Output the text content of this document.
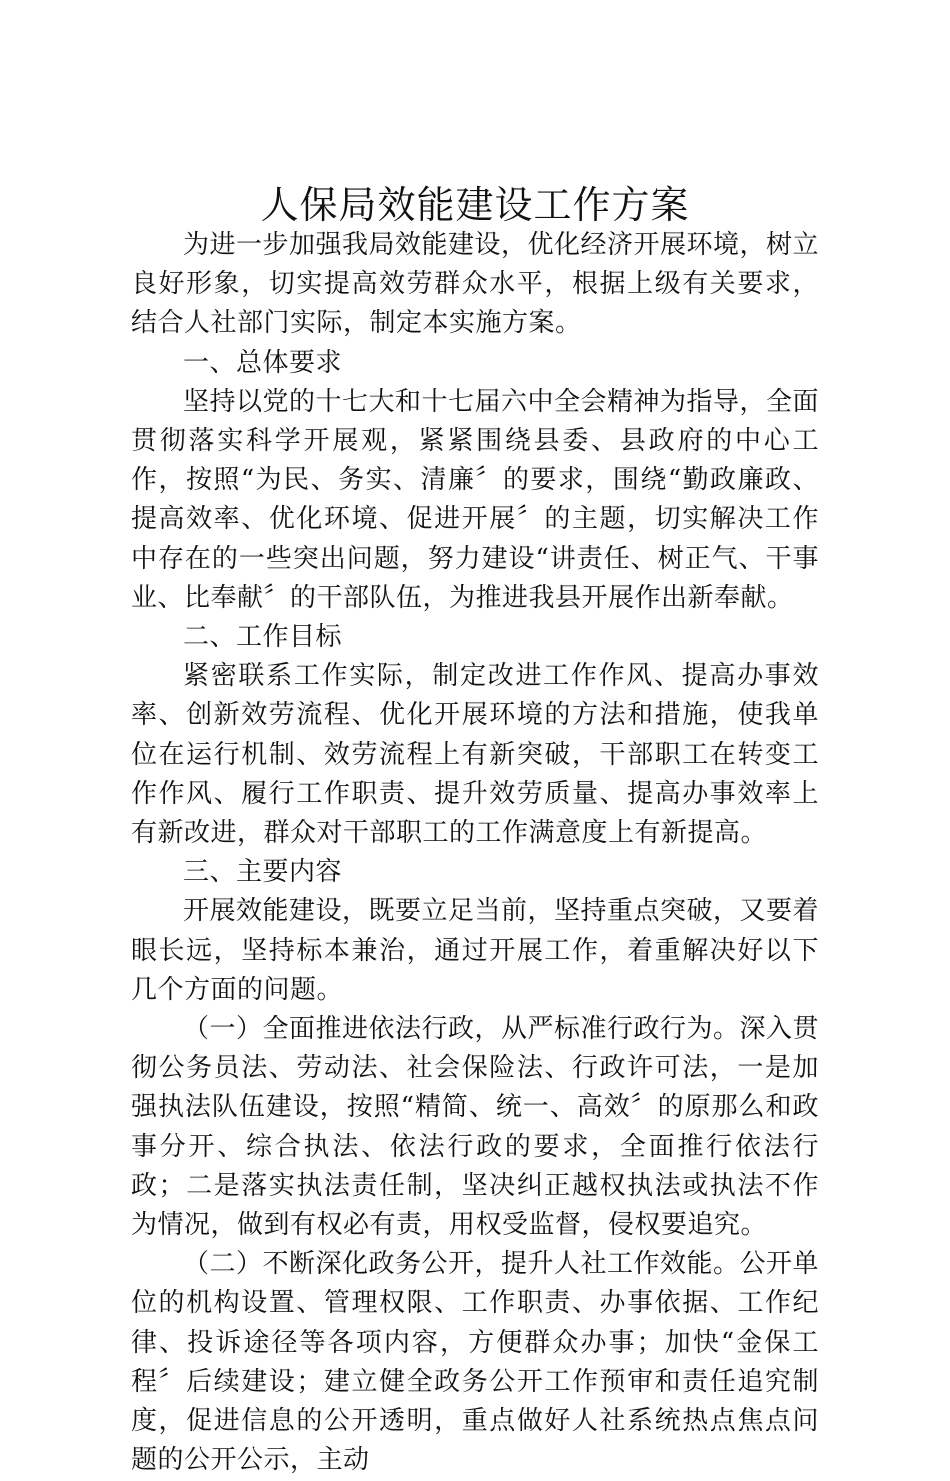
人保局效能建设工作方案

为进一步加强我局效能建设，优化经济开展环境，树立良好形象，切实提高效劳群众水平，根据上级有关要求，结合人社部门实际，制定本实施方案。

一、总体要求

坚持以党的十七大和十七届六中全会精神为指导，全面贯彻落实科学开展观，紧紧围绕县委、县政府的中心工作，按照“为民、务实、清廉〞的要求，围绕“勤政廉政、提高效率、优化环境、促进开展〞的主题，切实解决工作中存在的一些突出问题，努力建设“讲责任、树正气、干事业、比奉献〞的干部队伍，为推进我县开展作出新奉献。

二、工作目标

紧密联系工作实际，制定改进工作作风、提高办事效率、创新效劳流程、优化开展环境的方法和措施，使我单位在运行机制、效劳流程上有新突破，干部职工在转变工作作风、履行工作职责、提升效劳质量、提高办事效率上有新改进，群众对干部职工的工作满意度上有新提高。

三、主要内容

开展效能建设，既要立足当前，坚持重点突破，又要着眼长远，坚持标本兼治，通过开展工作，着重解决好以下几个方面的问题。

（一）全面推进依法行政，从严标准行政行为。深入贯彻公务员法、劳动法、社会保险法、行政许可法，一是加强执法队伍建设，按照“精简、统一、高效〞的原那么和政事分开、综合执法、依法行政的要求，全面推行依法行政；二是落实执法责任制，坚决纠正越权执法或执法不作为情况，做到有权必有责，用权受监督，侵权要追究。

（二）不断深化政务公开，提升人社工作效能。公开单位的机构设置、管理权限、工作职责、办事依据、工作纪律、投诉途径等各项内容，方便群众办事；加快“金保工程〞后续建设；建立健全政务公开工作预审和责任追究制度，促进信息的公开透明，重点做好人社系统热点焦点问题的公开公示，主动
